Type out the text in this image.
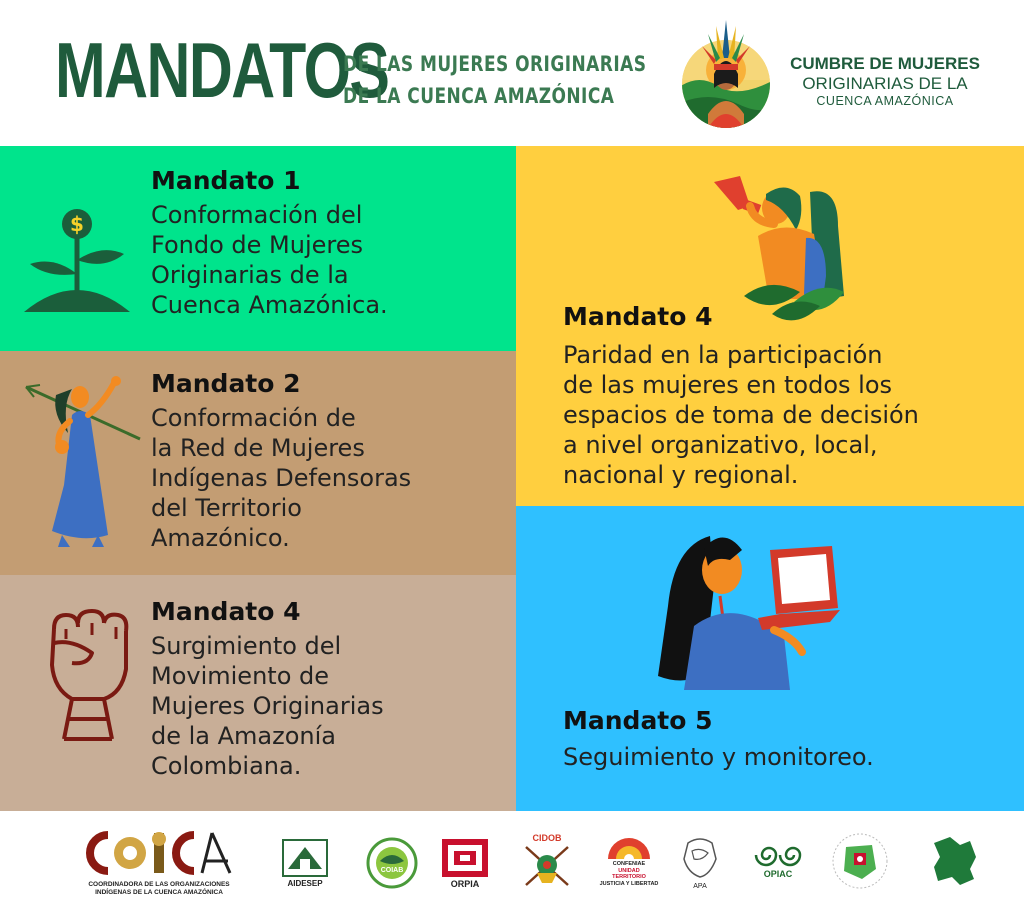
MANDATOS
DE LAS MUJERES ORIGINARIAS
DE LA CUENCA AMAZÓNICA
CUMBRE DE MUJERES
ORIGINARIAS DE LA
CUENCA AMAZÓNICA
$
Mandato 1
Conformación del
Fondo de Mujeres
Originarias de la
Cuenca Amazónica.
Mandato 2
Conformación de
la Red de Mujeres
Indígenas Defensoras
del Territorio
Amazónico.
Mandato 4
Surgimiento del
Movimiento de
Mujeres Originarias
de la Amazonía
Colombiana.
Mandato 4
Paridad en la participación
de las mujeres en todos los
espacios de toma de decisión
a nivel organizativo, local,
nacional y regional.
Mandato 5
Seguimiento y monitoreo.
COORDINADORA DE LAS ORGANIZACIONES
INDÍGENAS DE LA CUENCA AMAZÓNICA
AIDESEP
COIAB
ORPIA
CIDOB
CONFENIAE
UNIDAD
TERRITORIO
JUSTICIA Y LIBERTAD	APA
OPIAC
